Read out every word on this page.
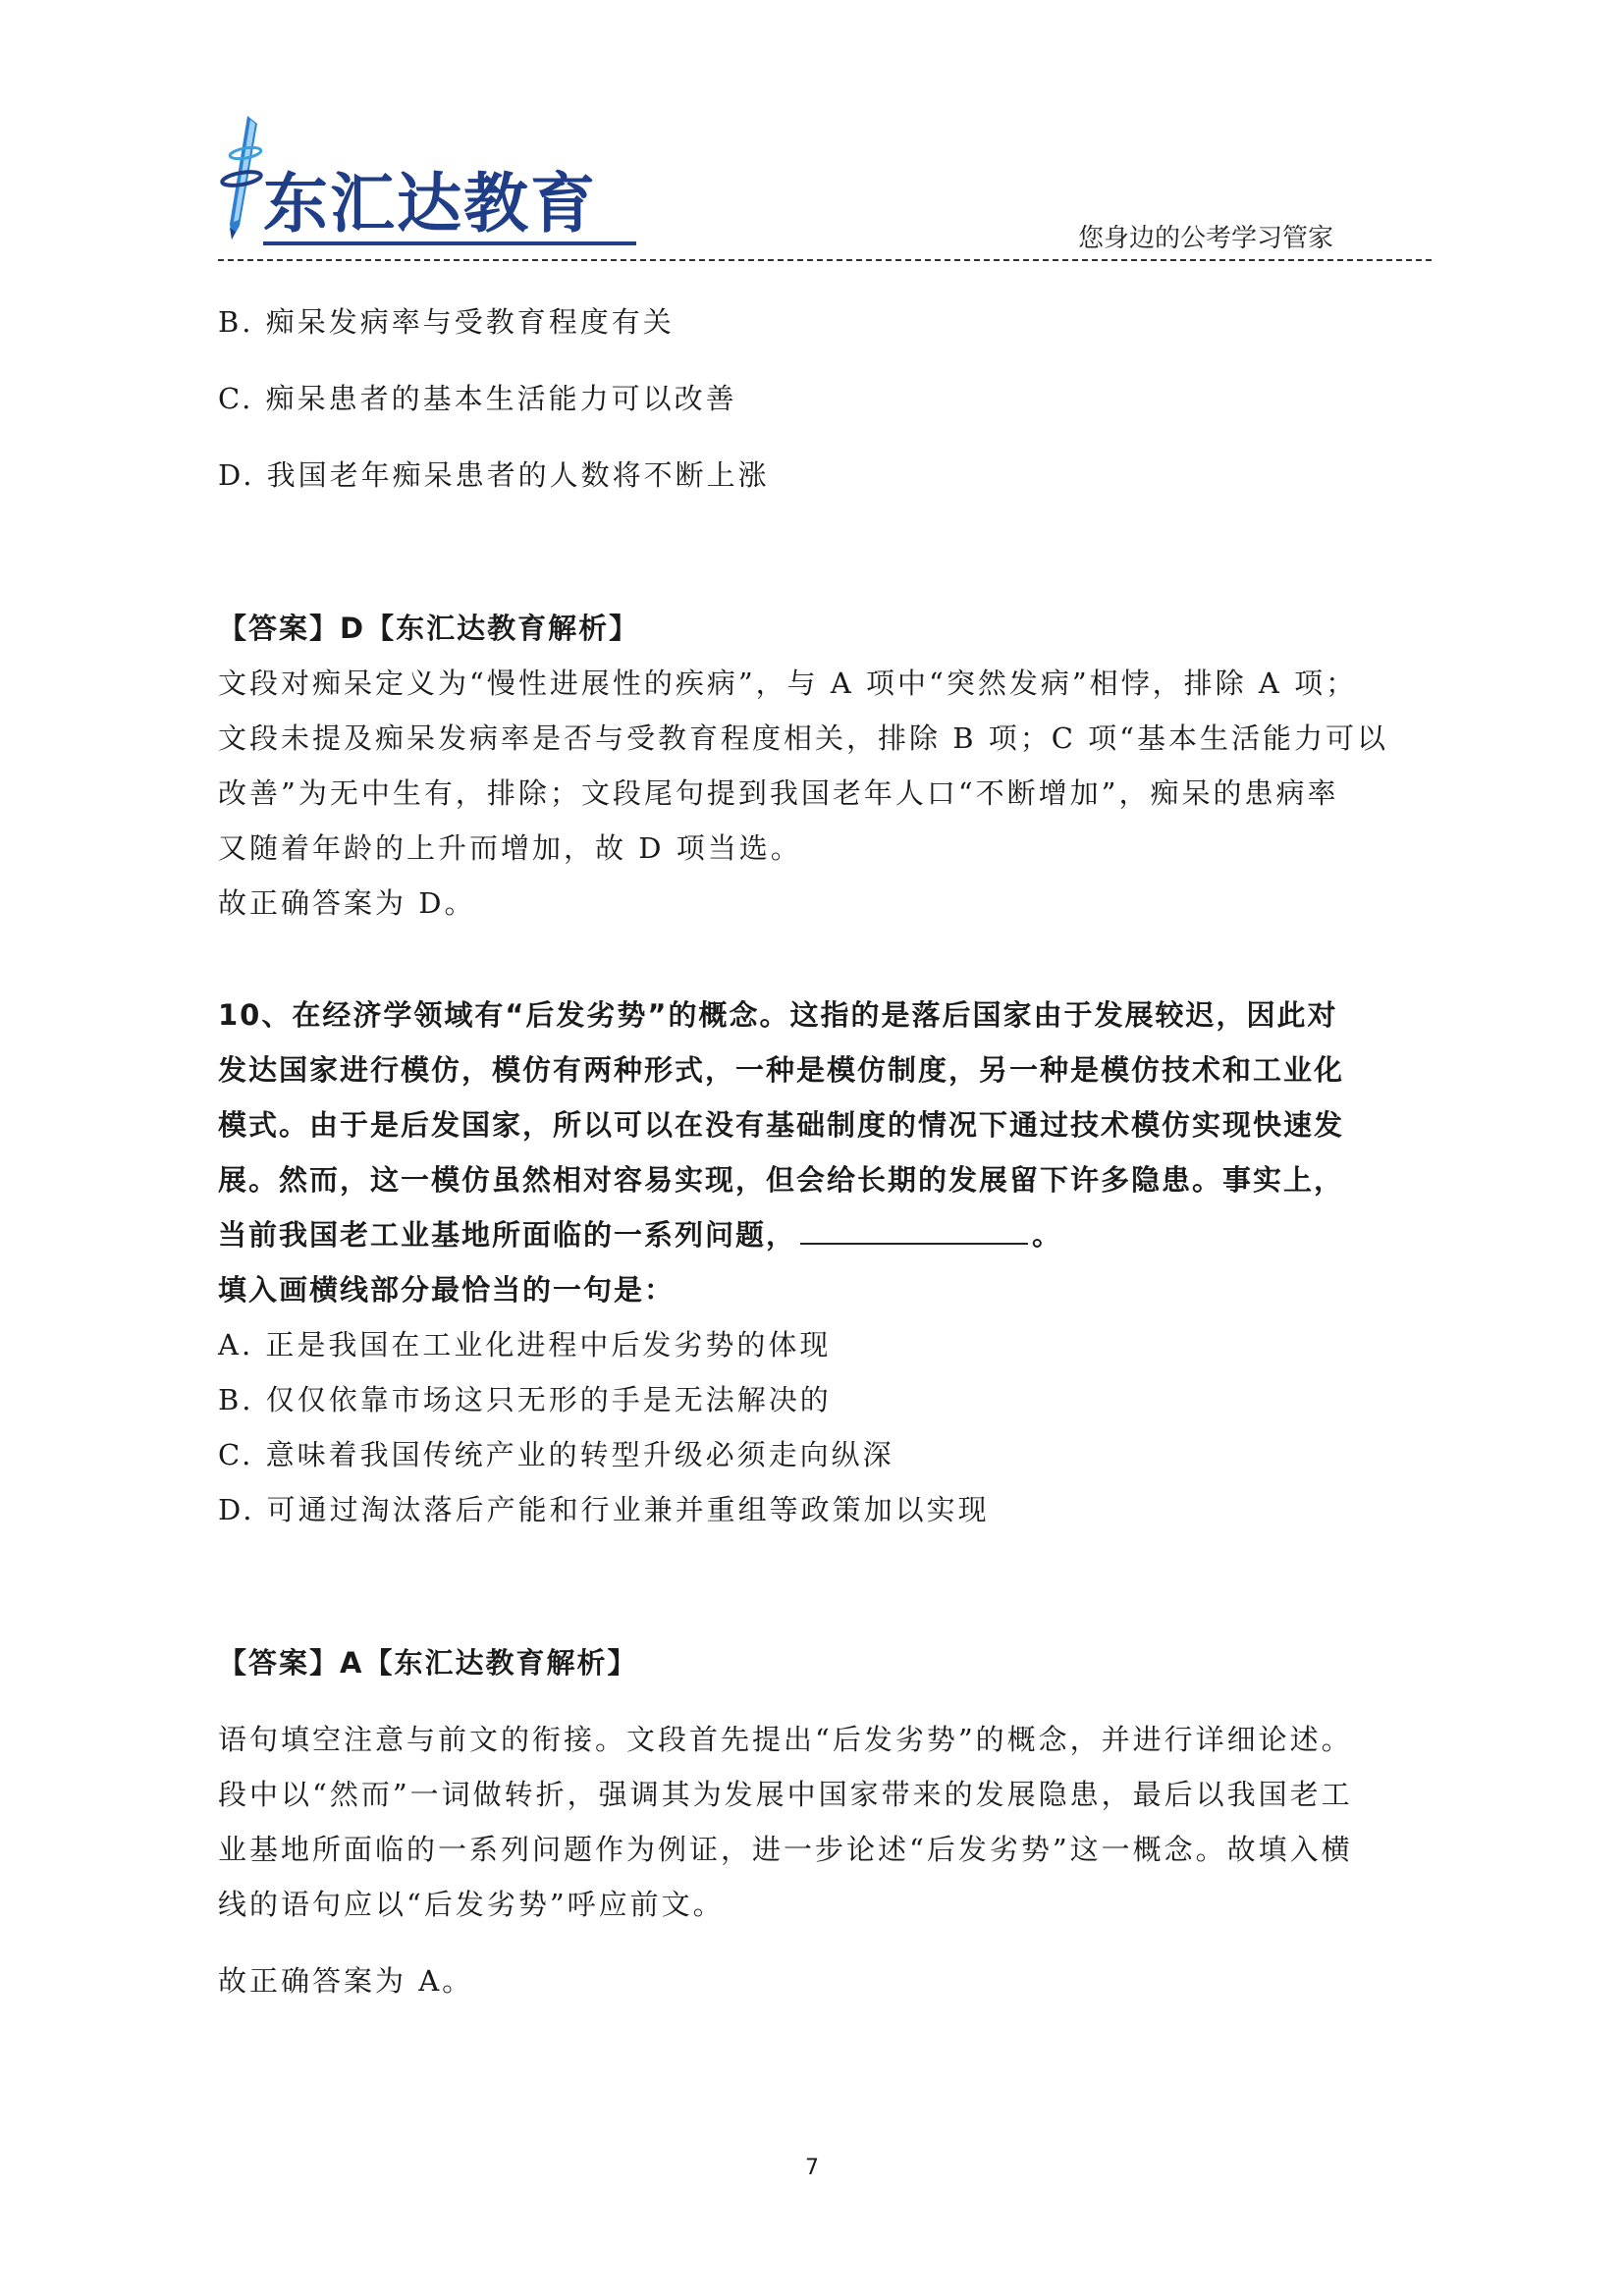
东汇达教育	您身边的公考学习管家
B. 痴呆发病率与受教育程度有关
C. 痴呆患者的基本生活能力可以改善
D. 我国老年痴呆患者的人数将不断上涨
【答案】D【东汇达教育解析】
文段对痴呆定义为“慢性进展性的疾病”，与 A 项中“突然发病”相悖，排除 A 项；
文段未提及痴呆发病率是否与受教育程度相关，排除 B 项；C 项“基本生活能力可以
改善”为无中生有，排除；文段尾句提到我国老年人口“不断增加”，痴呆的患病率
又随着年龄的上升而增加，故 D 项当选。
故正确答案为 D。
10、在经济学领域有“后发劣势”的概念。这指的是落后国家由于发展较迟，因此对
发达国家进行模仿，模仿有两种形式，一种是模仿制度，另一种是模仿技术和工业化
模式。由于是后发国家，所以可以在没有基础制度的情况下通过技术模仿实现快速发
展。然而，这一模仿虽然相对容易实现，但会给长期的发展留下许多隐患。事实上，
当前我国老工业基地所面临的一系列问题，	。
填入画横线部分最恰当的一句是：
A. 正是我国在工业化进程中后发劣势的体现
B. 仅仅依靠市场这只无形的手是无法解决的
C. 意味着我国传统产业的转型升级必须走向纵深
D. 可通过淘汰落后产能和行业兼并重组等政策加以实现
【答案】A【东汇达教育解析】
语句填空注意与前文的衔接。文段首先提出“后发劣势”的概念，并进行详细论述。
段中以“然而”一词做转折，强调其为发展中国家带来的发展隐患，最后以我国老工
业基地所面临的一系列问题作为例证，进一步论述“后发劣势”这一概念。故填入横
线的语句应以“后发劣势”呼应前文。
故正确答案为 A。
7
